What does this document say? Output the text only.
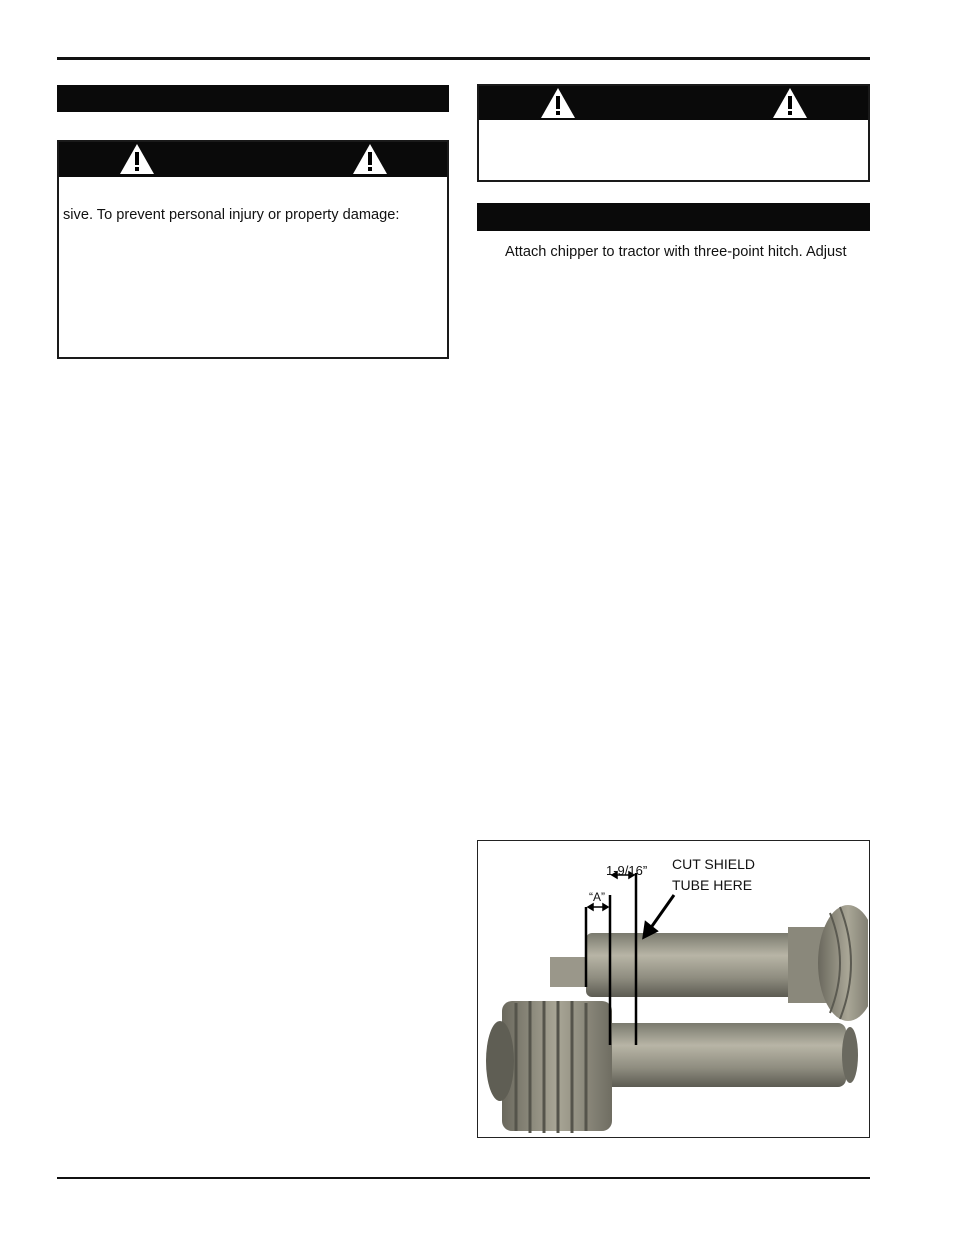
sive. To prevent personal injury or property damage:
Attach chipper to tractor with three-point hitch. Adjust
1-9/16”
“A”
CUT SHIELD
TUBE HERE
